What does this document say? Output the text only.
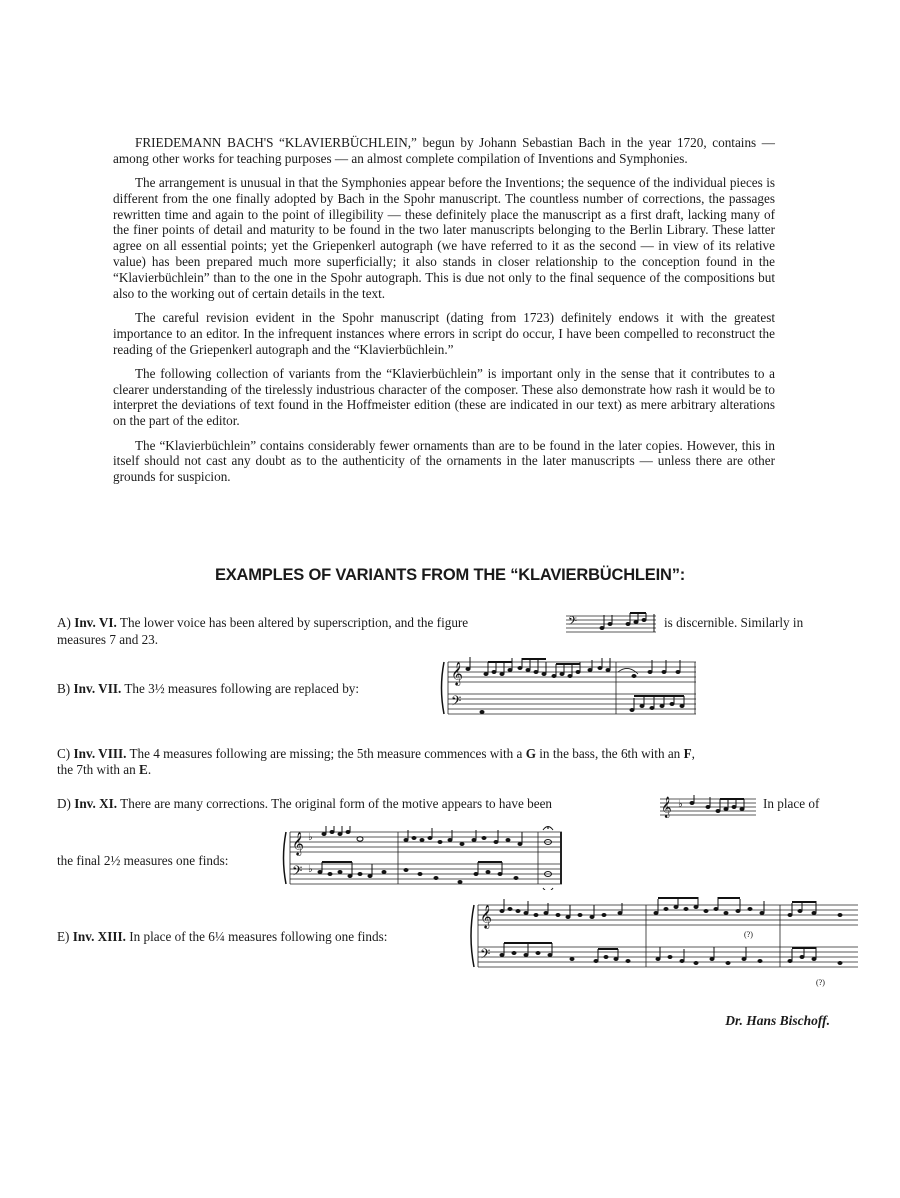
FRIEDEMANN BACH'S “KLAVIERBÜCHLEIN,” begun by Johann Sebastian Bach in the year 1720, contains — among other works for teaching purposes — an almost complete compilation of Inventions and Symphonies.

The arrangement is unusual in that the Symphonies appear before the Inventions; the sequence of the individual pieces is different from the one finally adopted by Bach in the Spohr manuscript. The countless number of corrections, the passages rewritten time and again to the point of illegibility — these definitely place the manuscript as a first draft, lacking many of the finer points of detail and maturity to be found in the two later manuscripts belonging to the Berlin Library. These latter agree on all essential points; yet the Griepenkerl autograph (we have referred to it as the second — in view of its relative value) has been prepared much more superficially; it also stands in closer relationship to the conception found in the “Klavierbüchlein” than to the one in the Spohr autograph. This is due not only to the final sequence of the compositions but also to the working out of certain details in the text.

The careful revision evident in the Spohr manuscript (dating from 1723) definitely endows it with the greatest importance to an editor. In the infrequent instances where errors in script do occur, I have been compelled to reconstruct the reading of the Griepenkerl autograph and the “Klavierbüchlein.”

The following collection of variants from the “Klavierbüchlein” is important only in the sense that it contributes to a clearer understanding of the tirelessly industrious character of the composer. These also demonstrate how rash it would be to interpret the deviations of text found in the Hoffmeister edition (these are indicated in our text) as mere arbitrary alterations on the part of the editor.

The “Klavierbüchlein” contains considerably fewer ornaments than are to be found in the later copies. However, this in itself should not cast any doubt as to the authenticity of the ornaments in the later manuscripts — unless there are other grounds for suspicion.

EXAMPLES OF VARIANTS FROM THE “KLAVIERBÜCHLEIN”:
A) Inv. VI. The lower voice has been altered by superscription, and the figure	𝄢	is discernible. Similarly in
measures 7 and 23.
B) Inv. VII. The 3½ measures following are replaced by:
𝄞
𝄢
C) Inv. VIII. The 4 measures following are missing; the 5th measure commences with a G in the bass, the 6th with an F,
the 7th with an E.
D) Inv. XI. There are many corrections. The original form of the motive appears to have been	𝄞 ♭	In place of
the final 2½ measures one finds:
𝄞
𝄢
♭
♭
E) Inv. XIII. In place of the 6¼ measures following one finds:
𝄞
𝄢
(?)
(?)
Dr. Hans Bischoff.
